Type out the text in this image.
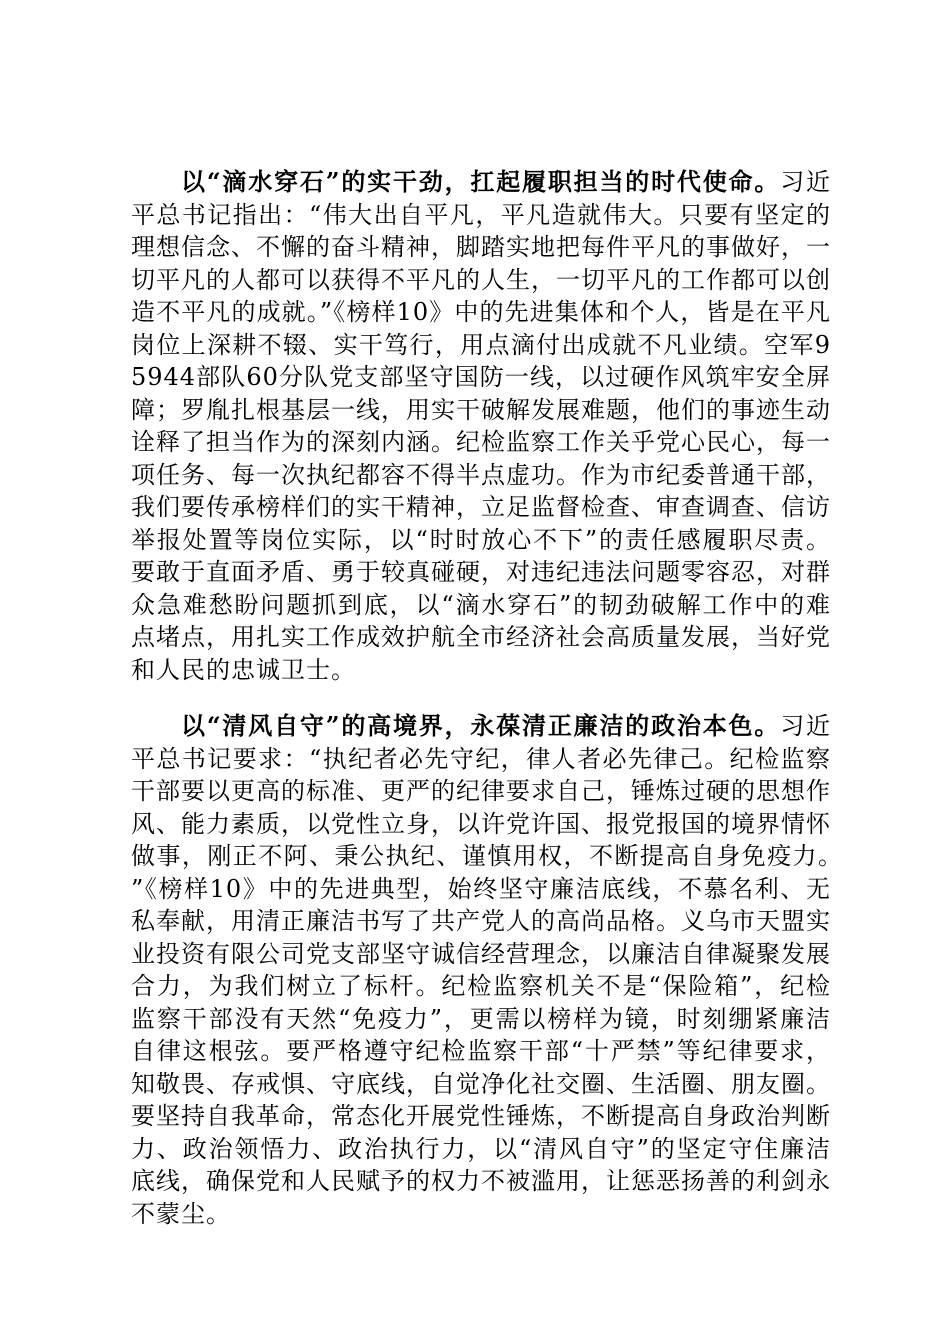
以“滴水穿石”的实干劲，扛起履职担当的时代使命。习近平总书记指出：“伟大出自平凡，平凡造就伟大。只要有坚定的理想信念、不懈的奋斗精神，脚踏实地把每件平凡的事做好，一切平凡的人都可以获得不平凡的人生，一切平凡的工作都可以创造不平凡的成就。”《榜样10》中的先进集体和个人，皆是在平凡岗位上深耕不辍、实干笃行，用点滴付出成就不凡业绩。空军95944部队60分队党支部坚守国防一线，以过硬作风筑牢安全屏障；罗胤扎根基层一线，用实干破解发展难题，他们的事迹生动诠释了担当作为的深刻内涵。纪检监察工作关乎党心民心，每一项任务、每一次执纪都容不得半点虚功。作为市纪委普通干部，我们要传承榜样们的实干精神，立足监督检查、审查调查、信访举报处置等岗位实际，以“时时放心不下”的责任感履职尽责。要敢于直面矛盾、勇于较真碰硬，对违纪违法问题零容忍，对群众急难愁盼问题抓到底，以“滴水穿石”的韧劲破解工作中的难点堵点，用扎实工作成效护航全市经济社会高质量发展，当好党和人民的忠诚卫士。

以“清风自守”的高境界，永葆清正廉洁的政治本色。习近平总书记要求：“执纪者必先守纪，律人者必先律己。纪检监察干部要以更高的标准、更严的纪律要求自己，锤炼过硬的思想作风、能力素质，以党性立身，以许党许国、报党报国的境界情怀做事，刚正不阿、秉公执纪、谨慎用权，不断提高自身免疫力。”《榜样10》中的先进典型，始终坚守廉洁底线，不慕名利、无私奉献，用清正廉洁书写了共产党人的高尚品格。义乌市天盟实业投资有限公司党支部坚守诚信经营理念，以廉洁自律凝聚发展合力，为我们树立了标杆。纪检监察机关不是“保险箱”，纪检监察干部没有天然“免疫力”，更需以榜样为镜，时刻绷紧廉洁自律这根弦。要严格遵守纪检监察干部“十严禁”等纪律要求，知敬畏、存戒惧、守底线，自觉净化社交圈、生活圈、朋友圈。要坚持自我革命，常态化开展党性锤炼，不断提高自身政治判断力、政治领悟力、政治执行力，以“清风自守”的坚定守住廉洁底线，确保党和人民赋予的权力不被滥用，让惩恶扬善的利剑永不蒙尘。
